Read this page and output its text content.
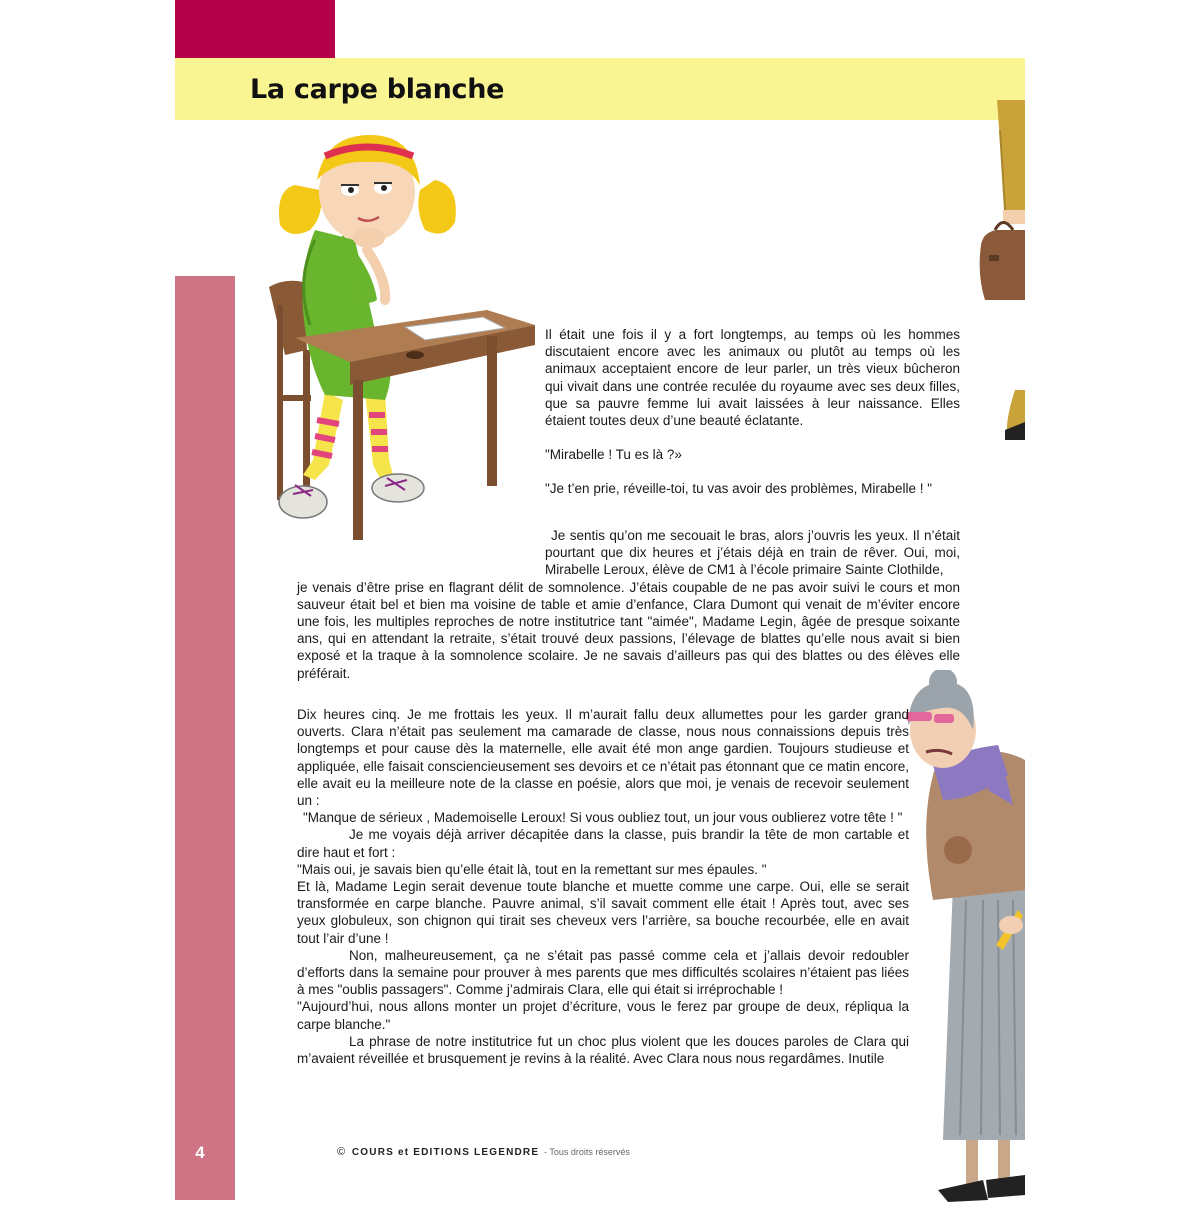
La carpe blanche
4

Il était une fois il y a fort longtemps, au temps où les hommes discutaient encore avec les animaux ou plutôt au temps où les animaux acceptaient encore de leur parler, un très vieux bûcheron qui vivait dans une contrée reculée du royaume avec ses deux filles, que sa pauvre femme lui avait laissées à leur naissance. Elles étaient toutes deux d’une beauté éclatante.

"Mirabelle ! Tu es là ?»

"Je t’en prie, réveille-toi, tu vas avoir des problèmes, Mirabelle ! "

Je sentis qu’on me secouait le bras, alors j’ouvris les yeux. Il n’était pourtant que dix heures et j’étais déjà en train de rêver. Oui, moi, Mirabelle Leroux, élève de CM1 à l’école primaire Sainte Clothilde,

je venais d’être prise en flagrant délit de somnolence. J’étais coupable de ne pas avoir suivi le cours et mon sauveur était bel et bien ma voisine de table et amie d’enfance, Clara Dumont qui venait de m’éviter encore une fois, les multiples reproches de notre institutrice tant "aimée", Madame Legin, âgée de presque soixante ans, qui en attendant la retraite, s’était trouvé deux passions, l’élevage de blattes qu’elle nous avait si bien exposé et la traque à la somnolence scolaire. Je ne savais d’ailleurs pas qui des blattes ou des élèves elle préférait.

Dix heures cinq. Je me frottais les yeux. Il m’aurait fallu deux allumettes pour les garder grand ouverts. Clara n’était pas seulement ma camarade de classe, nous nous connaissions depuis très longtemps et pour cause dès la maternelle, elle avait été mon ange gardien. Toujours studieuse et appliquée, elle faisait consciencieusement ses devoirs et ce n’était pas étonnant que ce matin encore, elle avait eu la meilleure note de la classe en poésie, alors que moi, je venais de recevoir seulement un :

"Manque de sérieux , Mademoiselle Leroux! Si vous oubliez tout, un jour vous oublierez votre tête ! "

Je me voyais déjà arriver décapitée dans la classe, puis brandir la tête de mon cartable et dire haut et fort :

"Mais oui, je savais bien qu’elle était là, tout en la remettant sur mes épaules. "

Et là, Madame Legin serait devenue toute blanche et muette comme une carpe. Oui, elle se serait transformée en carpe blanche. Pauvre animal, s’il savait comment elle était ! Après tout, avec ses yeux globuleux, son chignon qui tirait ses cheveux vers l’arrière, sa bouche recourbée, elle en avait tout l’air d’une !

Non, malheureusement, ça ne s’était pas passé comme cela et j’allais devoir redoubler d’efforts dans la semaine pour prouver à mes parents que mes difficultés scolaires n’étaient pas liées à mes "oublis passagers". Comme j’admirais Clara, elle qui était si irréprochable !

"Aujourd’hui, nous allons monter un projet d’écriture, vous le ferez par groupe de deux, répliqua la carpe blanche."

La phrase de notre institutrice fut un choc plus violent que les douces paroles de Clara qui m’avaient réveillée et brusquement je revins à la réalité. Avec Clara nous nous regardâmes. Inutile

© COURS et EDITIONS LEGENDRE - Tous droits réservés
